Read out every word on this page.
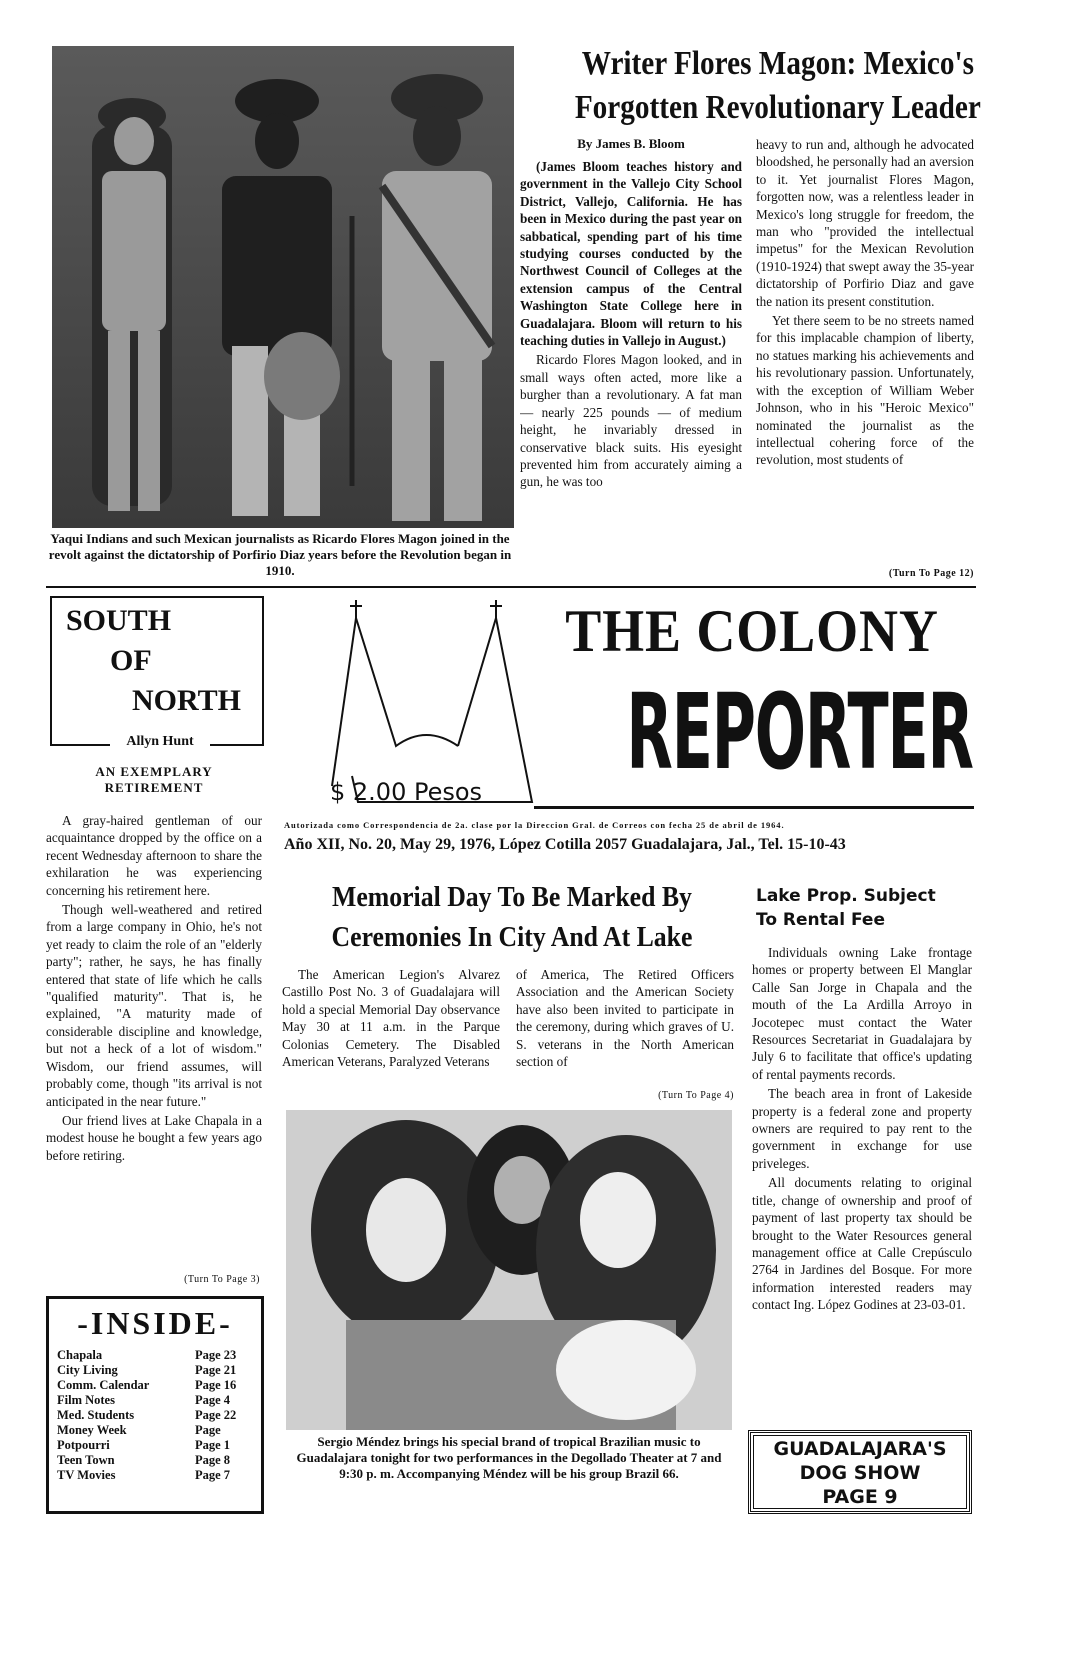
Yaqui Indians and such Mexican journalists as Ricardo Flores Magon joined in the revolt against the dictatorship of Porfirio Diaz years before the Revolution began in 1910.
Writer Flores Magon: Mexico's
Forgotten Revolutionary Leader
By James B. Bloom

(James Bloom teaches history and government in the Vallejo City School District, Vallejo, California. He has been in Mexico during the past year on sabbatical, spending part of his time studying courses conducted by the Northwest Council of Colleges at the extension campus of the Central Washington State College here in Guadalajara. Bloom will return to his teaching duties in Vallejo in August.)

Ricardo Flores Magon looked, and in small ways often acted, more like a burgher than a revolutionary. A fat man — nearly 225 pounds — of medium height, he invariably dressed in conservative black suits. His eyesight prevented him from accurately aiming a gun, he was too

heavy to run and, although he advocated bloodshed, he personally had an aversion to it. Yet journalist Flores Magon, forgotten now, was a relentless leader in Mexico's long struggle for freedom, the man who "provided the intellectual impetus" for the Mexican Revolution (1910-1924) that swept away the 35-year dictatorship of Porfirio Diaz and gave the nation its present constitution.

Yet there seem to be no streets named for this implacable champion of liberty, no statues marking his achievements and his revolutionary passion. Unfortunately, with the exception of William Weber Johnson, who in his "Heroic Mexico" nominated the journalist as the intellectual cohering force of the revolution, most students of

(Turn To Page 12)
SOUTH
OF
NORTH
Allyn Hunt
AN EXEMPLARY
RETIREMENT

A gray-haired gentleman of our acquaintance dropped by the office on a recent Wednesday afternoon to share the exhilaration he was experiencing concerning his retirement here.

Though well-weathered and retired from a large company in Ohio, he's not yet ready to claim the role of an "elderly party"; rather, he says, he has finally entered that state of life which he calls "qualified maturity". That is, he explained, "A maturity made of considerable discipline and knowledge, but not a heck of a lot of wisdom." Wisdom, our friend assumes, will probably come, though "its arrival is not anticipated in the near future."

Our friend lives at Lake Chapala in a modest house he bought a few years ago before retiring.

(Turn To Page 3)
$ 2.00 Pesos
THE COLONY
REPORTER
Autorizada como Correspondencia de 2a. clase por la Direccion Gral. de Correos con fecha 25 de abril de 1964.
Año XII, No. 20, May 29, 1976, López Cotilla 2057 Guadalajara, Jal., Tel. 15-10-43
Memorial Day To Be Marked By
Ceremonies In City And At Lake
The American Legion's Alvarez Castillo Post No. 3 of Guadalajara will hold a special Memorial Day observance May 30 at 11 a.m. in the Parque Colonias Cemetery. The Disabled American Veterans, Paralyzed Veterans
of America, The Retired Officers Association and the American Society have also been invited to participate in the ceremony, during which graves of U. S. veterans in the North American section of
(Turn To Page 4)
Sergio Méndez brings his special brand of tropical Brazilian music to Guadalajara tonight for two performances in the Degollado Theater at 7 and 9:30 p. m. Accompanying Méndez will be his group Brazil 66.
Lake Prop. Subject
To Rental Fee

Individuals owning Lake frontage homes or property between El Manglar Calle San Jorge in Chapala and the mouth of the La Ardilla Arroyo in Jocotepec must contact the Water Resources Secretariat in Guadalajara by July 6 to facilitate that office's updating of rental payments records.

The beach area in front of Lakeside property is a federal zone and property owners are required to pay rent to the government in exchange for use priveleges.

All documents relating to original title, change of ownership and proof of payment of last property tax should be brought to the Water Resources general management office at Calle Crepúsculo 2764 in Jardines del Bosque. For more information interested readers may contact Ing. López Godines at 23-03-01.

-INSIDE-
Chapala	Page 23
City Living	Page 21
Comm. Calendar	Page 16
Film Notes	Page 4
Med. Students	Page 22
Money Week	Page
Potpourri	Page 1
Teen Town	Page 8
TV Movies	Page 7
GUADALAJARA'S
DOG SHOW
PAGE 9
